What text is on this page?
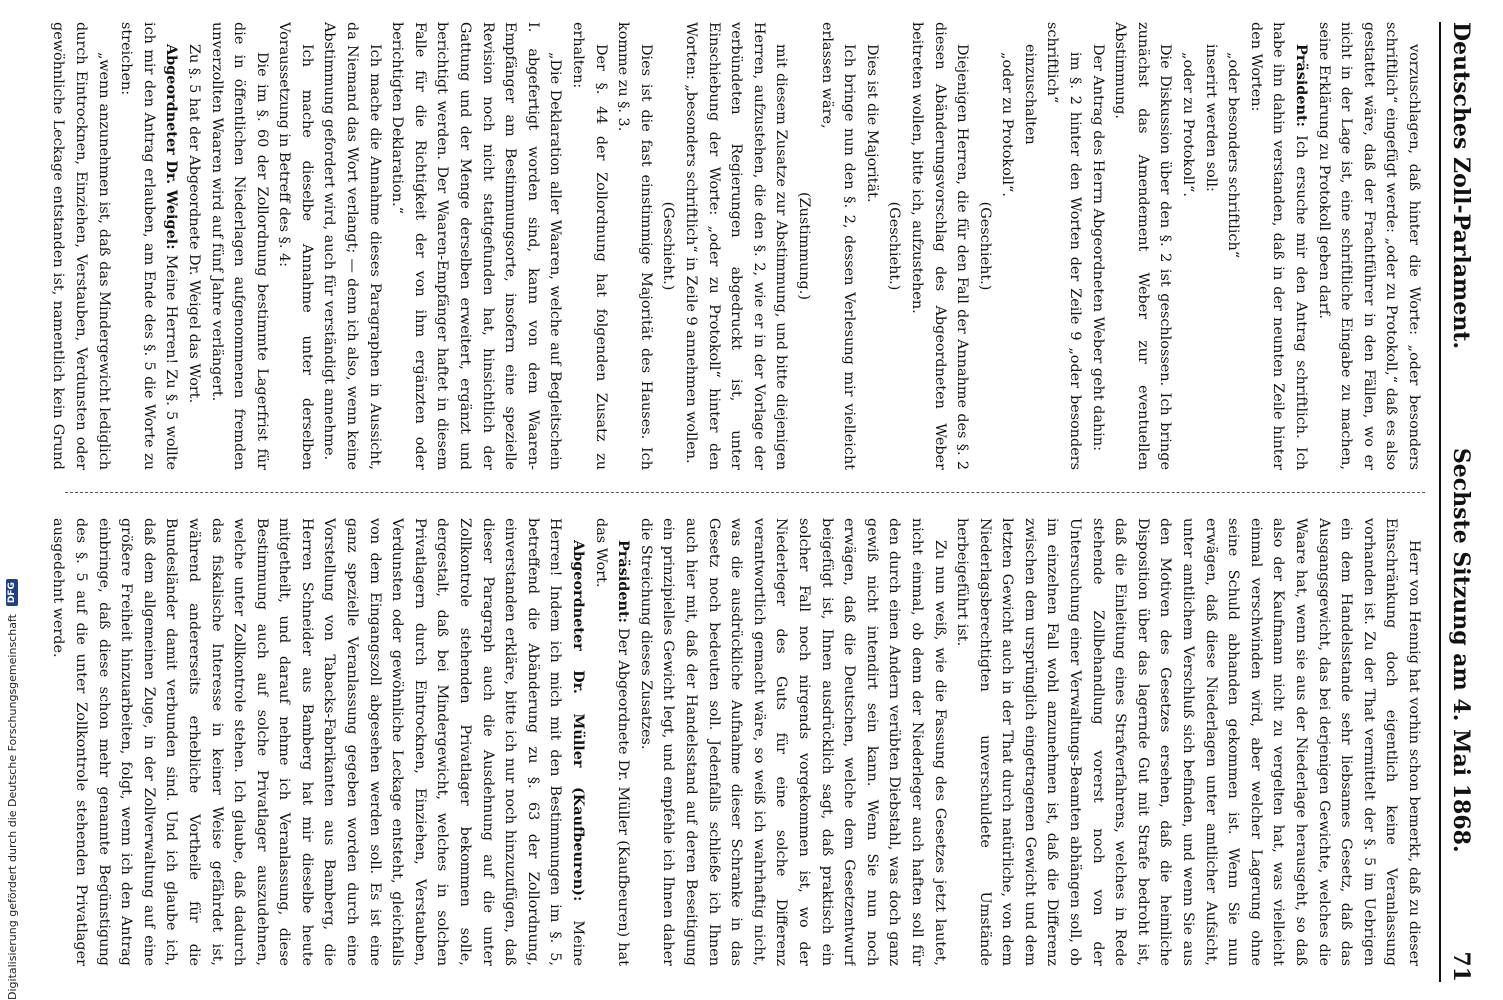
Deutsches Zoll-Parlament.
Sechste Sitzung am 4. Mai 1868.
71

vorzuschlagen, daß hinter die Worte: „oder besonders schriftlich“ eingefügt werde: „oder zu Protokoll,“ daß es also gestattet wäre, daß der Frachtführer in den Fällen, wo er nicht in der Lage ist, eine schriftliche Eingabe zu machen, seine Erklärung zu Protokoll geben darf.

Präsident: Ich ersuche mir den Antrag schriftlich. Ich habe ihn dahin verstanden, daß in der neunten Zeile hinter den Worten:

„oder besonders schriftlich“

inserirt werden soll:

„oder zu Protokoll“.

Die Diskussion über den §. 2 ist geschlossen. Ich bringe zunächst das Amendement Weber zur eventuellen Abstimmung.

Der Antrag des Herrn Abgeordneten Weber geht dahin:

im §. 2 hinter den Worten der Zeile 9 „oder besonders schriftlich“

einzuschalten

„oder zu Protokoll“.

(Geschieht.)

Diejenigen Herren, die für den Fall der Annahme des §. 2 diesen Abänderungsvorschlag des Abgeordneten Weber beitreten wollen, bitte ich, aufzustehen.

(Geschieht.)

Dies ist die Majorität.

Ich bringe nun den §. 2, dessen Verlesung mir vielleicht erlassen wäre,

(Zustimmung.)

mit diesem Zusatze zur Abstimmung, und bitte diejenigen Herren, aufzustehen, die den §. 2, wie er in der Vorlage der verbündeten Regierungen abgedruckt ist, unter Einschiebung der Worte: „oder zu Protokoll“ hinter den Worten: „besonders schriftlich“ in Zeile 9 annehmen wollen.

(Geschieht.)

Dies ist die fast einstimmige Majorität des Hauses. Ich komme zu §. 3.

Der §. 44 der Zollordnung hat folgenden Zusatz zu erhalten:

„Die Deklaration aller Waaren, welche auf Begleitschein I. abgefertigt worden sind, kann von dem Waaren-Empfänger am Bestimmungsorte, insofern eine spezielle Revision noch nicht stattgefunden hat, hinsichtlich der Gattung und der Menge derselben erweitert, ergänzt und berichtigt werden. Der Waaren-Empfänger haftet in diesem Falle für die Richtigkeit der von ihm ergänzten oder berichtigten Deklaration.“

Ich mache die Annahme dieses Paragraphen in Aussicht, da Niemand das Wort verlangt; — denn ich also, wenn keine Abstimmung gefordert wird, auch für verständigt annehme.

Ich mache dieselbe Annahme unter derselben Voraussetzung in Betreff des §. 4:

Die im §. 60 der Zollordnung bestimmte Lagerfrist für die in öffentlichen Niederlagen aufgenommenen fremden unverzollten Waaren wird auf fünf Jahre verlängert.

Zu §. 5 hat der Abgeordnete Dr. Weigel das Wort.

Abgeordneter Dr. Weigel: Meine Herren! Zu §. 5 wollte ich mir den Antrag erlauben, am Ende des §. 5 die Worte zu streichen:

„wenn anzunehmen ist, daß das Mindergewicht lediglich durch Eintrocknen, Einziehen, Verstauben, Verdunsten oder gewöhnliche Leckage entstanden ist, namentlich kein Grund

Herr von Hennig hat vorhin schon bemerkt, daß zu dieser Einschränkung doch eigentlich keine Veranlassung vorhanden ist. Zu der That vermittelt der §. 5 im Uebrigen ein dem Handelsstande sehr liebsames Gesetz, daß das Ausgangsgewicht, das bei derjenigen Gewichte, welches die Waare hat, wenn sie aus der Niederlage herausgeht, so daß also der Kaufmann nicht zu vergelten hat, was vielleicht einmal verschwinden wird, aber welcher Lagerung ohne seine Schuld abhanden gekommen ist. Wenn Sie nun erwägen, daß diese Niederlagen unter amtlicher Aufsicht, unter amtlichem Verschluß sich befinden, und wenn Sie aus den Motiven des Gesetzes ersehen, daß die heimliche Disposition über das lagernde Gut mit Strafe bedroht ist, daß die Einleitung eines Strafverfahrens, welches in Rede stehende Zollbehandlung vorerst noch von der Untersuchung einer Verwaltungs-Beamten abhängen soll, ob im einzelnen Fall wohl anzunehmen ist, daß die Differenz zwischen dem ursprünglich eingetragenen Gewicht und dem letzten Gewicht auch in der That durch natürliche, von dem Niederlagsberechtigten unverschuldete Umstände herbeigeführt ist.

Zu nun weiß, wie die Fassung des Gesetzes jetzt lautet, nicht einmal, ob denn der Niederleger auch haften soll für den durch einen Andern verübten Diebstahl, was doch ganz gewiß nicht intendirt sein kann. Wenn Sie nun noch erwägen, daß die Deutschen, welche dem Gesetzentwurf beigefügt ist, Ihnen ausdrücklich sagt, daß praktisch ein solcher Fall noch nirgends vorgekommen ist, wo der Niederleger des Guts für eine solche Differenz verantwortlich gemacht wäre, so weiß ich wahrhaftig nicht, was die ausdrückliche Aufnahme dieser Schranke in das Gesetz noch bedeuten soll. Jedenfalls schließe ich Ihnen auch hier mit, daß der Handelsstand auf deren Beseitigung ein prinzipielles Gewicht legt, und empfehle ich Ihnen daher die Streichung dieses Zusatzes.

Präsident: Der Abgeordnete Dr. Müller (Kaufbeuren) hat das Wort.

Abgeordneter Dr. Müller (Kaufbeuren): Meine Herren! Indem ich mich mit den Bestimmungen im §. 5, betreffend die Abänderung zu §. 63 der Zollordnung, einverstanden erkläre, bitte ich nur noch hinzuzufügen, daß dieser Paragraph auch die Ausdehnung auf die unter Zollkontrole stehenden Privatlager bekommen solle, dergestalt, daß bei Mindergewicht, welches in solchen Privatlagern durch Eintrocknen, Einziehen, Verstauben, Verdunsten oder gewöhnliche Leckage entsteht, gleichfalls von dem Eingangszoll abgesehen werden soll. Es ist eine ganz spezielle Veranlassung gegeben worden durch eine Vorstellung von Tabacks-Fabrikanten aus Bamberg, die Herren Schneider aus Bamberg hat mir dieselbe heute mitgetheilt, und darauf nehme ich Veranlassung, diese Bestimmung auch auf solche Privatlager auszudehnen, welche unter Zollkontrole stehen. Ich glaube, daß dadurch das fiskalische Interesse in keiner Weise gefährdet ist, während andererseits erhebliche Vortheile für die Bundesländer damit verbunden sind. Und ich glaube ich, daß dem allgemeinen Zuge, in der Zollverwaltung auf eine größere Freiheit hinzuarbeiten, folgt, wenn ich den Antrag einbringe, daß diese schon mehr genannte Begünstigung des §. 5 auf die unter Zollkontrole stehenden Privatlager ausgedehnt werde.

Digitalisierung gefördert durch die Deutsche Forschungsgemeinschaft
DFG
